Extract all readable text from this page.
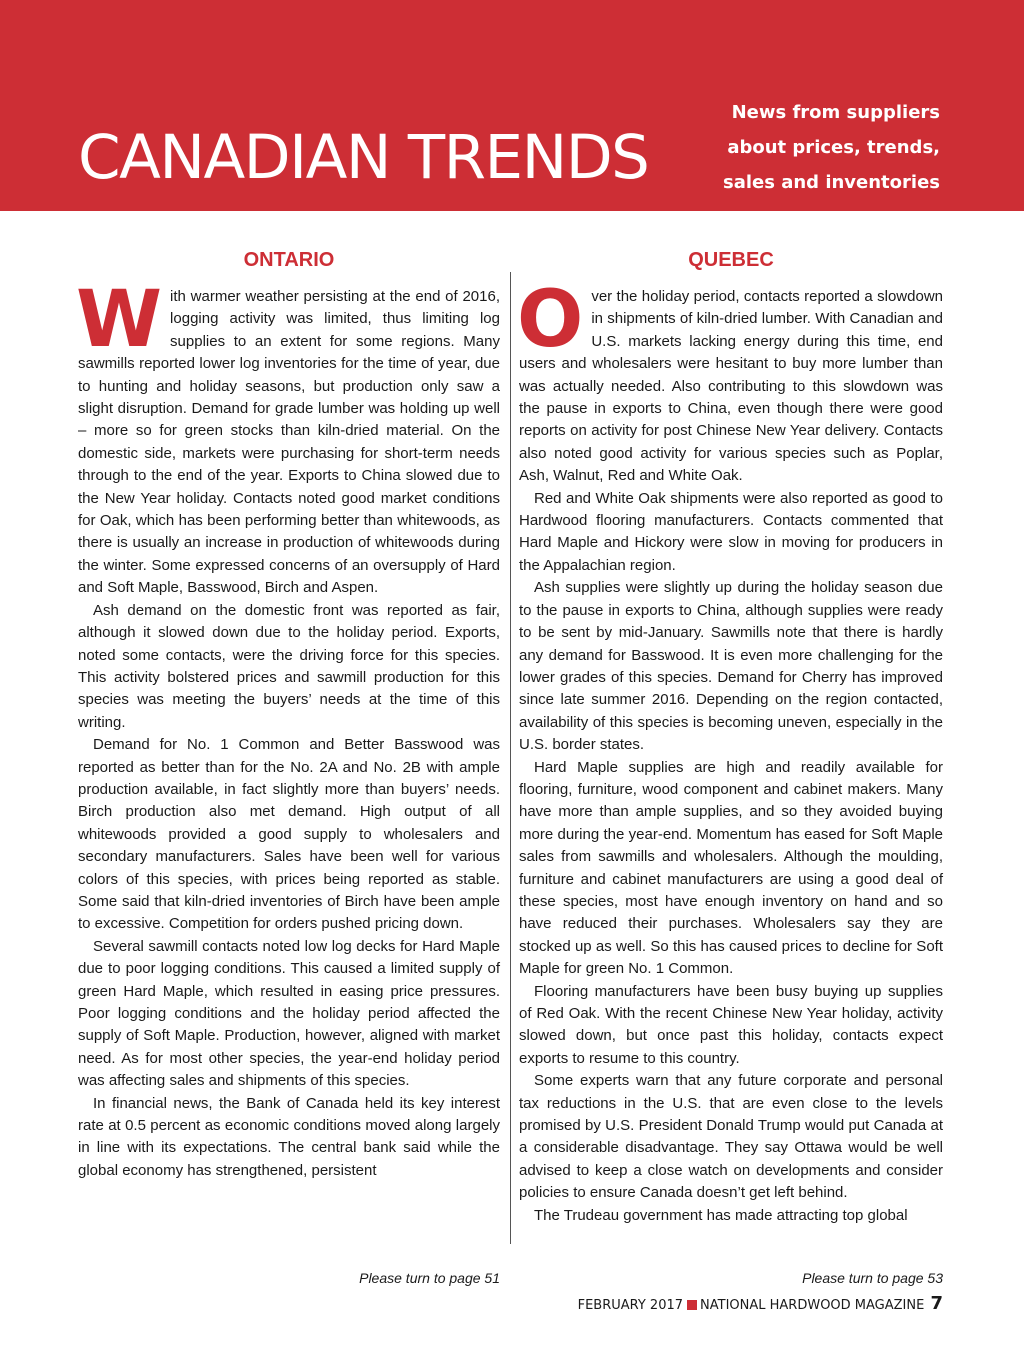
CANADIAN TRENDS
News from suppliers
about prices, trends,
sales and inventories
ONTARIO

With warmer weather persisting at the end of 2016, logging activity was limited, thus limiting log supplies to an extent for some regions. Many sawmills reported lower log inventories for the time of year, due to hunting and holiday seasons, but production only saw a slight disruption. Demand for grade lumber was holding up well – more so for green stocks than kiln-dried material. On the domestic side, markets were purchasing for short-term needs through to the end of the year. Exports to China slowed due to the New Year holiday. Contacts noted good market conditions for Oak, which has been performing better than whitewoods, as there is usually an increase in production of whitewoods during the winter. Some expressed concerns of an oversupply of Hard and Soft Maple, Basswood, Birch and Aspen.

Ash demand on the domestic front was reported as fair, although it slowed down due to the holiday period. Exports, noted some contacts, were the driving force for this species. This activity bolstered prices and sawmill production for this species was meeting the buyers’ needs at the time of this writing.

Demand for No. 1 Common and Better Basswood was reported as better than for the No. 2A and No. 2B with ample production available, in fact slightly more than buyers’ needs. Birch production also met demand. High output of all whitewoods provided a good supply to wholesalers and secondary manufacturers. Sales have been well for various colors of this species, with prices being reported as stable. Some said that kiln-dried inventories of Birch have been ample to excessive. Competition for orders pushed pricing down.

Several sawmill contacts noted low log decks for Hard Maple due to poor logging conditions. This caused a limited supply of green Hard Maple, which resulted in easing price pressures. Poor logging conditions and the holiday period affected the supply of Soft Maple. Production, however, aligned with market need. As for most other species, the year-end holiday period was affecting sales and shipments of this species.

In financial news, the Bank of Canada held its key interest rate at 0.5 percent as economic conditions moved along largely in line with its expectations. The central bank said while the global economy has strengthened, persistent

QUEBEC

Over the holiday period, contacts reported a slowdown in shipments of kiln-dried lumber. With Canadian and U.S. markets lacking energy during this time, end users and wholesalers were hesitant to buy more lumber than was actually needed. Also contributing to this slowdown was the pause in exports to China, even though there were good reports on activity for post Chinese New Year delivery. Contacts also noted good activity for various species such as Poplar, Ash, Walnut, Red and White Oak.

Red and White Oak shipments were also reported as good to Hardwood flooring manufacturers. Contacts commented that Hard Maple and Hickory were slow in moving for producers in the Appalachian region.

Ash supplies were slightly up during the holiday season due to the pause in exports to China, although supplies were ready to be sent by mid-January. Sawmills note that there is hardly any demand for Basswood. It is even more challenging for the lower grades of this species. Demand for Cherry has improved since late summer 2016. Depending on the region contacted, availability of this species is becoming uneven, especially in the U.S. border states.

Hard Maple supplies are high and readily available for flooring, furniture, wood component and cabinet makers. Many have more than ample supplies, and so they avoided buying more during the year-end. Momentum has eased for Soft Maple sales from sawmills and wholesalers. Although the moulding, furniture and cabinet manufacturers are using a good deal of these species, most have enough inventory on hand and so have reduced their purchases. Wholesalers say they are stocked up as well. So this has caused prices to decline for Soft Maple for green No. 1 Common.

Flooring manufacturers have been busy buying up supplies of Red Oak. With the recent Chinese New Year holiday, activity slowed down, but once past this holiday, contacts expect exports to resume to this country.

Some experts warn that any future corporate and personal tax reductions in the U.S. that are even close to the levels promised by U.S. President Donald Trump would put Canada at a considerable disadvantage. They say Ottawa would be well advised to keep a close watch on developments and consider policies to ensure Canada doesn’t get left behind.

The Trudeau government has made attracting top global

Please turn to page 51	Please turn to page 53
FEBRUARY 2017 NATIONAL HARDWOOD MAGAZINE 7
